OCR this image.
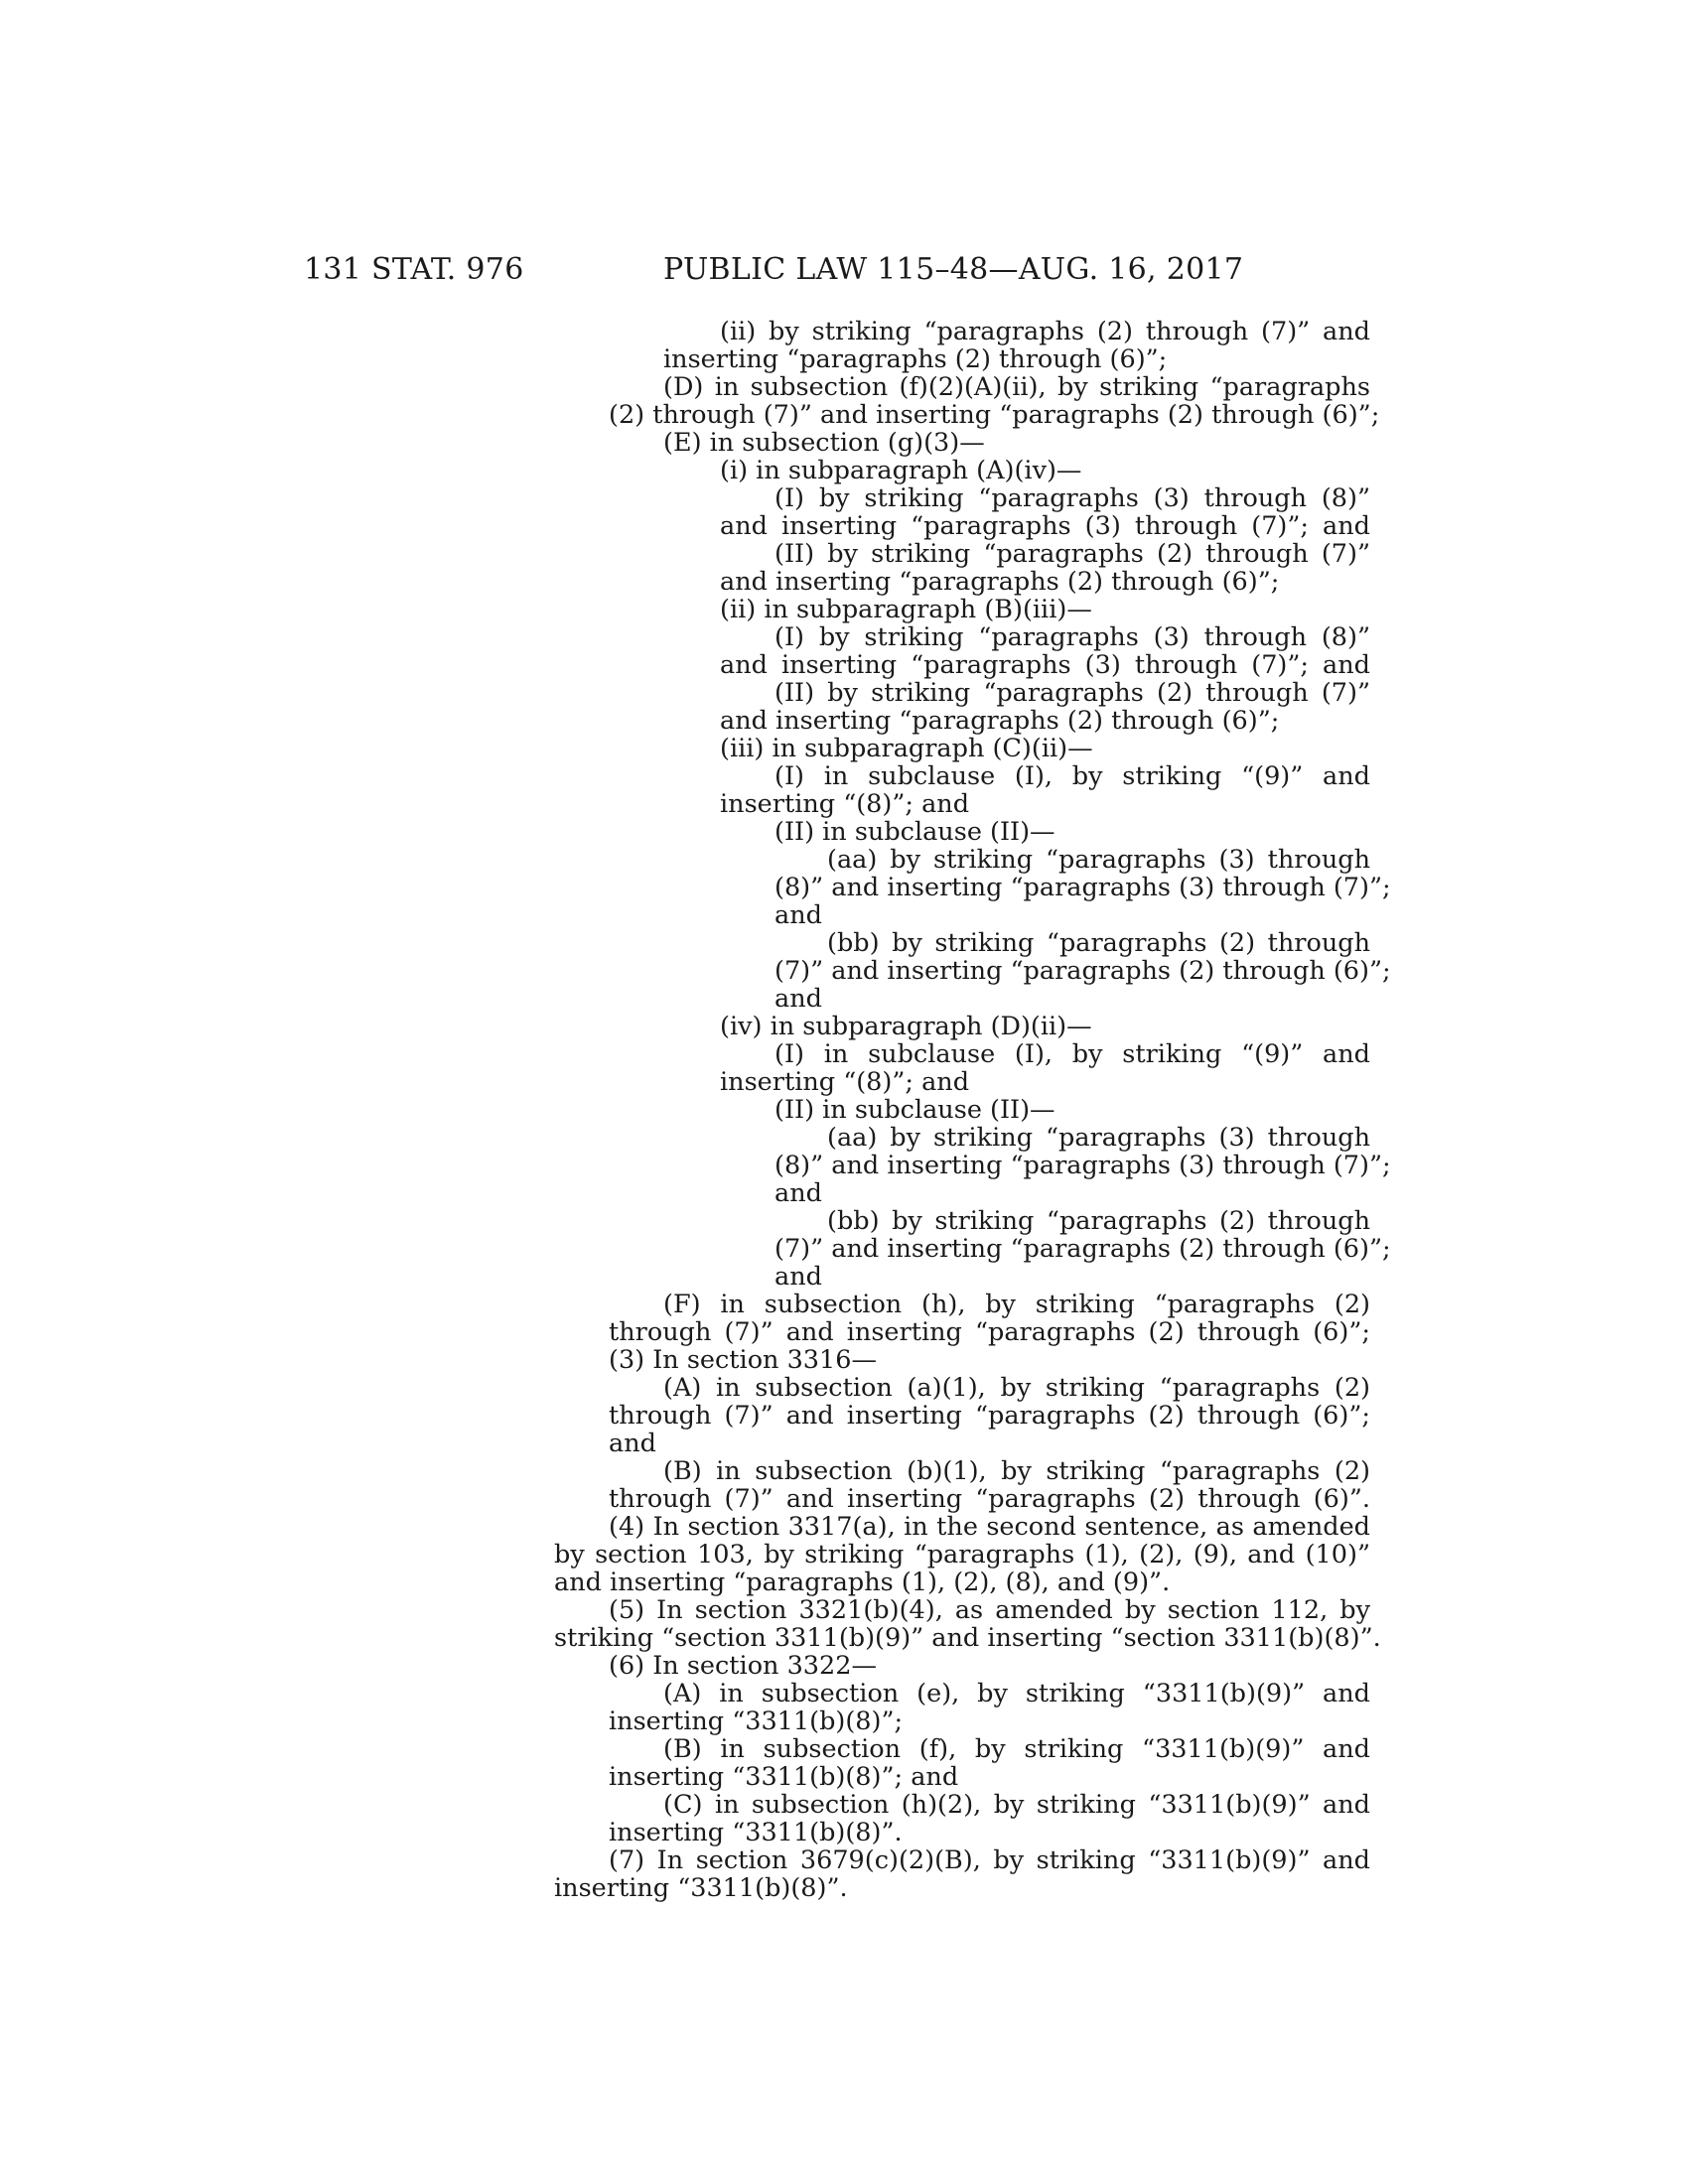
131 STAT. 976	PUBLIC LAW 115–48—AUG. 16, 2017
(ii) by striking “paragraphs (2) through (7)” and
inserting “paragraphs (2) through (6)”;
(D) in subsection (f)(2)(A)(ii), by striking “paragraphs
(2) through (7)” and inserting “paragraphs (2) through (6)”;
(E) in subsection (g)(3)—
(i) in subparagraph (A)(iv)—
(I) by striking “paragraphs (3) through (8)”
and inserting “paragraphs (3) through (7)”; and
(II) by striking “paragraphs (2) through (7)”
and inserting “paragraphs (2) through (6)”;
(ii) in subparagraph (B)(iii)—
(I) by striking “paragraphs (3) through (8)”
and inserting “paragraphs (3) through (7)”; and
(II) by striking “paragraphs (2) through (7)”
and inserting “paragraphs (2) through (6)”;
(iii) in subparagraph (C)(ii)—
(I) in subclause (I), by striking “(9)” and
inserting “(8)”; and
(II) in subclause (II)—
(aa) by striking “paragraphs (3) through
(8)” and inserting “paragraphs (3) through (7)”;
and
(bb) by striking “paragraphs (2) through
(7)” and inserting “paragraphs (2) through (6)”;
and
(iv) in subparagraph (D)(ii)—
(I) in subclause (I), by striking “(9)” and
inserting “(8)”; and
(II) in subclause (II)—
(aa) by striking “paragraphs (3) through
(8)” and inserting “paragraphs (3) through (7)”;
and
(bb) by striking “paragraphs (2) through
(7)” and inserting “paragraphs (2) through (6)”;
and
(F) in subsection (h), by striking “paragraphs (2)
through (7)” and inserting “paragraphs (2) through (6)”;
(3) In section 3316—
(A) in subsection (a)(1), by striking “paragraphs (2)
through (7)” and inserting “paragraphs (2) through (6)”;
and
(B) in subsection (b)(1), by striking “paragraphs (2)
through (7)” and inserting “paragraphs (2) through (6)”.
(4) In section 3317(a), in the second sentence, as amended
by section 103, by striking “paragraphs (1), (2), (9), and (10)”
and inserting “paragraphs (1), (2), (8), and (9)”.
(5) In section 3321(b)(4), as amended by section 112, by
striking “section 3311(b)(9)” and inserting “section 3311(b)(8)”.
(6) In section 3322—
(A) in subsection (e), by striking “3311(b)(9)” and
inserting “3311(b)(8)”;
(B) in subsection (f), by striking “3311(b)(9)” and
inserting “3311(b)(8)”; and
(C) in subsection (h)(2), by striking “3311(b)(9)” and
inserting “3311(b)(8)”.
(7) In section 3679(c)(2)(B), by striking “3311(b)(9)” and
inserting “3311(b)(8)”.
